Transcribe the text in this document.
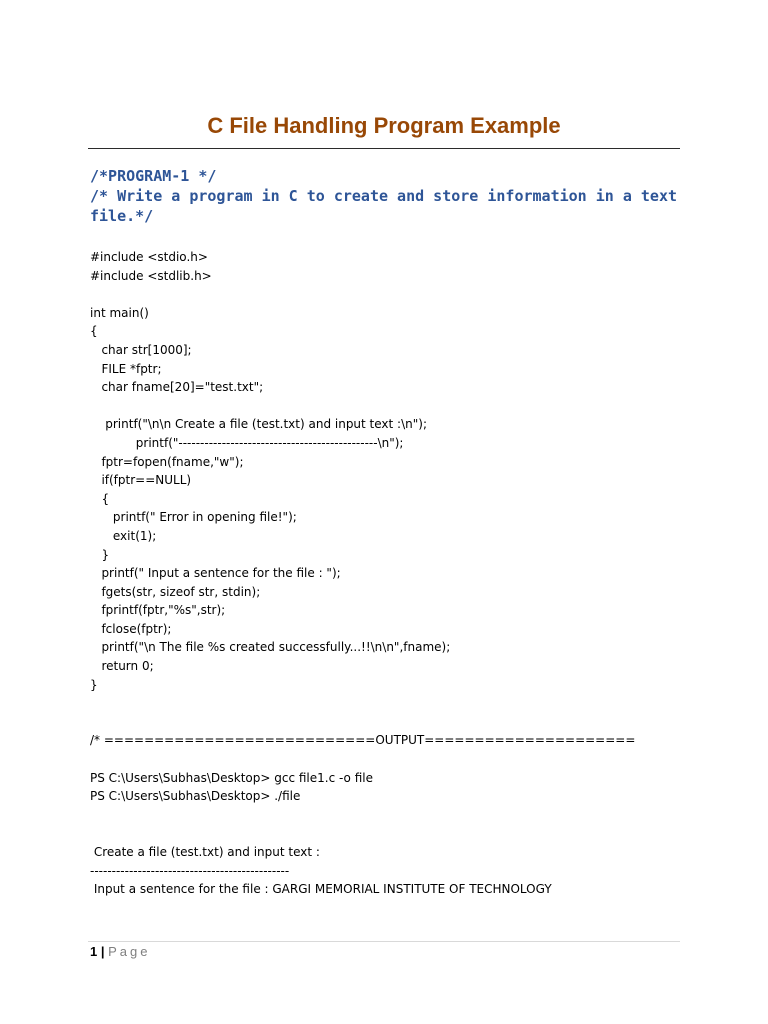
C File Handling Program Example
/*PROGRAM-1 */
/* Write a program in C to create and store information in a text file.*/
#include <stdio.h>
#include <stdlib.h>
int main()
{
char str[1000];
FILE *fptr;
char fname[20]="test.txt";
printf("\n\n Create a file (test.txt) and input text :\n");
printf("----------------------------------------------\n");
fptr=fopen(fname,"w");
if(fptr==NULL)
{
printf(" Error in opening file!");
exit(1);
}
printf(" Input a sentence for the file : ");
fgets(str, sizeof str, stdin);
fprintf(fptr,"%s",str);
fclose(fptr);
printf("\n The file %s created successfully...!!\n\n",fname);
return 0;
}
/* ===========================OUTPUT=====================
PS C:\Users\Subhas\Desktop> gcc file1.c -o file
PS C:\Users\Subhas\Desktop> ./file
Create a file (test.txt) and input text :
----------------------------------------------
Input a sentence for the file : GARGI MEMORIAL INSTITUTE OF TECHNOLOGY
1 | Page
